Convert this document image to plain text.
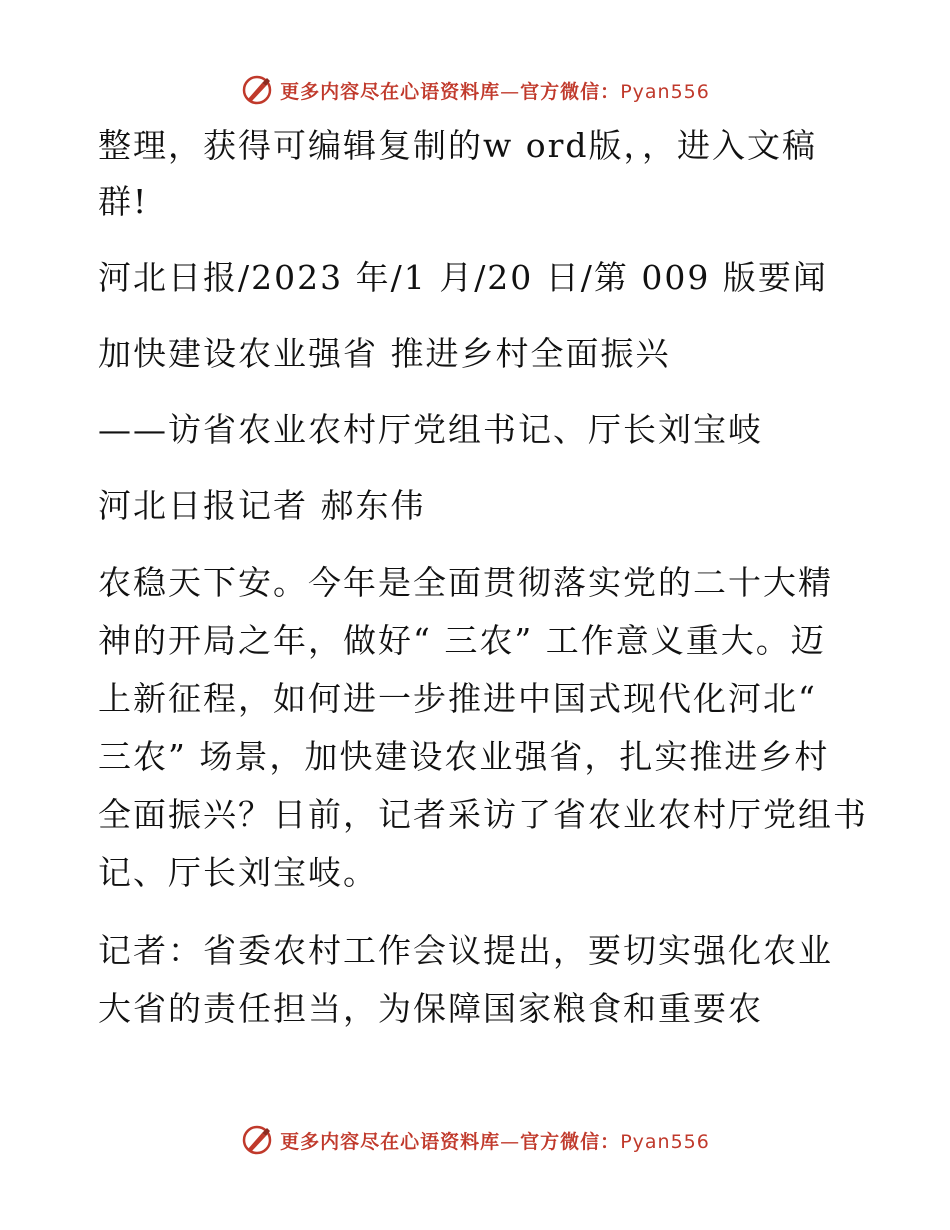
更多内容尽在心语资料库—官方微信：Pyan556
整理，获得可编辑复制的w ord版，，进入文稿
群!
河北日报/2023 年/1 月/20 日/第 009 版要闻
加快建设农业强省 推进乡村全面振兴
——访省农业农村厅党组书记、厅长刘宝岐
河北日报记者 郝东伟
农稳天下安。今年是全面贯彻落实党的二十大精
神的开局之年，做好“ 三农” 工作意义重大。迈
上新征程，如何进一步推进中国式现代化河北“
三农” 场景，加快建设农业强省，扎实推进乡村
全面振兴？日前，记者采访了省农业农村厅党组书
记、厅长刘宝岐。
记者：省委农村工作会议提出，要切实强化农业
大省的责任担当，为保障国家粮食和重要农
更多内容尽在心语资料库—官方微信：Pyan556
